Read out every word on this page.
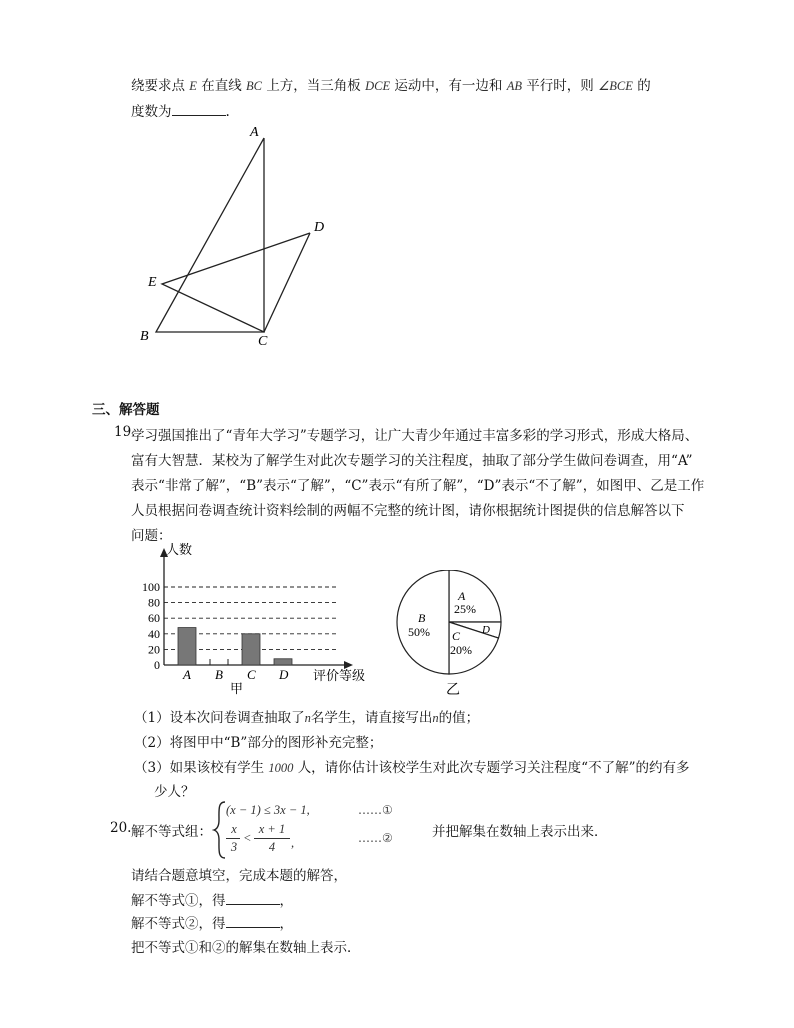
绕要求点 E 在直线 BC 上方，当三角板 DCE 运动中，有一边和 AB 平行时，则 ∠BCE 的
度数为	.
A
D
E
B	C
三、解答题
19.
学习强国推出了“青年大学习”专题学习，让广大青少年通过丰富多彩的学习形式，形成大格局、
富有大智慧．某校为了解学生对此次专题学习的关注程度，抽取了部分学生做问卷调查，用“A”
表示“非常了解”，“B”表示“了解”，“C”表示“有所了解”，“D”表示“不了解”，如图甲、乙是工作
人员根据问卷调查统计资料绘制的两幅不完整的统计图，请你根据统计图提供的信息解答以下
问题：
0
20
40
60
80
100
A B C D
人数
评价等级
甲
A
25%
B
50% C
20%
D
乙
（1）设本次问卷调查抽取了n名学生，请直接写出n的值；
（2）将图甲中“B”部分的图形补充完整；
（3）如果该校有学生 1000 人，请你估计该校学生对此次专题学习关注程度“不了解”的约有多
少人？
20. 解不等式组：
(x − 1) ≤ 3x − 1,	……①
x
3
<
x + 1
4	,	……②	并把解集在数轴上表示出来．
请结合题意填空，完成本题的解答，
解不等式①，得	，
解不等式②，得	，
把不等式①和②的解集在数轴上表示．
